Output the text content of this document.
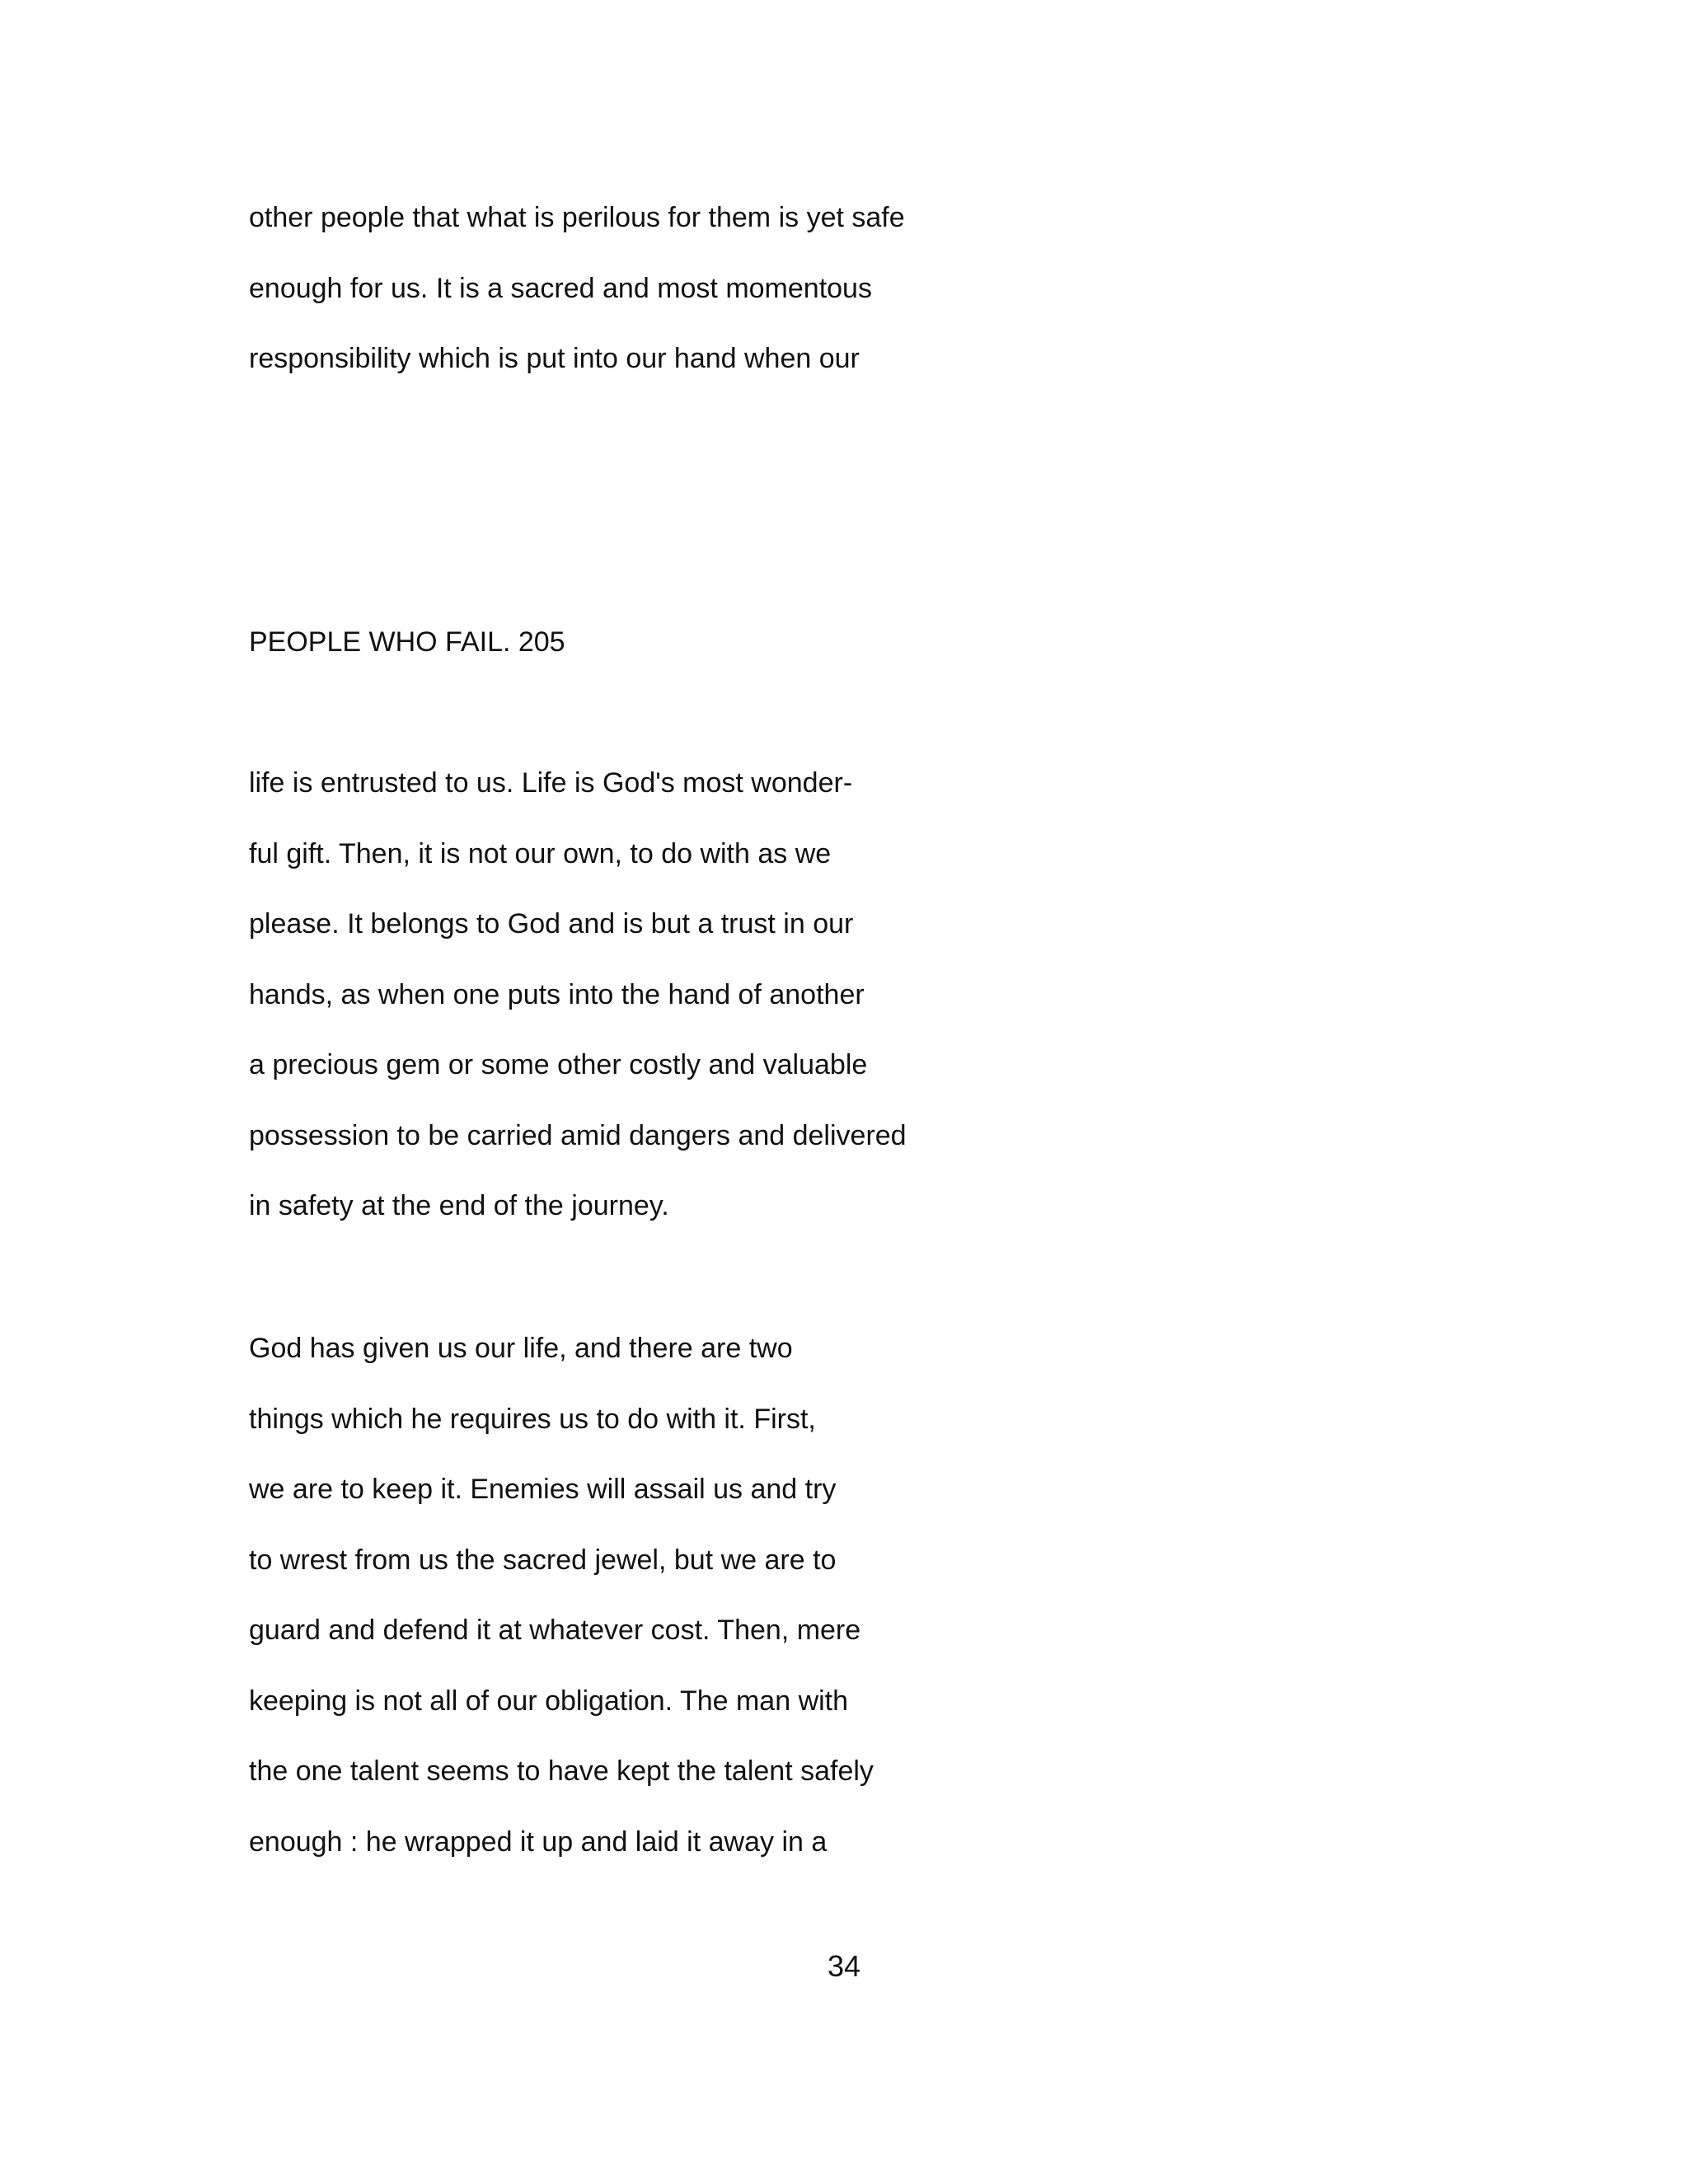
other people that what is perilous for them is yet safe
enough for us. It is a sacred and most momentous
responsibility which is put into our hand when our
PEOPLE WHO FAIL. 205
life is entrusted to us. Life is God's most wonder-
ful gift. Then, it is not our own, to do with as we
please. It belongs to God and is but a trust in our
hands, as when one puts into the hand of another
a precious gem or some other costly and valuable
possession to be carried amid dangers and delivered
in safety at the end of the journey.
God has given us our life, and there are two
things which he requires us to do with it. First,
we are to keep it. Enemies will assail us and try
to wrest from us the sacred jewel, but we are to
guard and defend it at whatever cost. Then, mere
keeping is not all of our obligation. The man with
the one talent seems to have kept the talent safely
enough : he wrapped it up and laid it away in a

34
